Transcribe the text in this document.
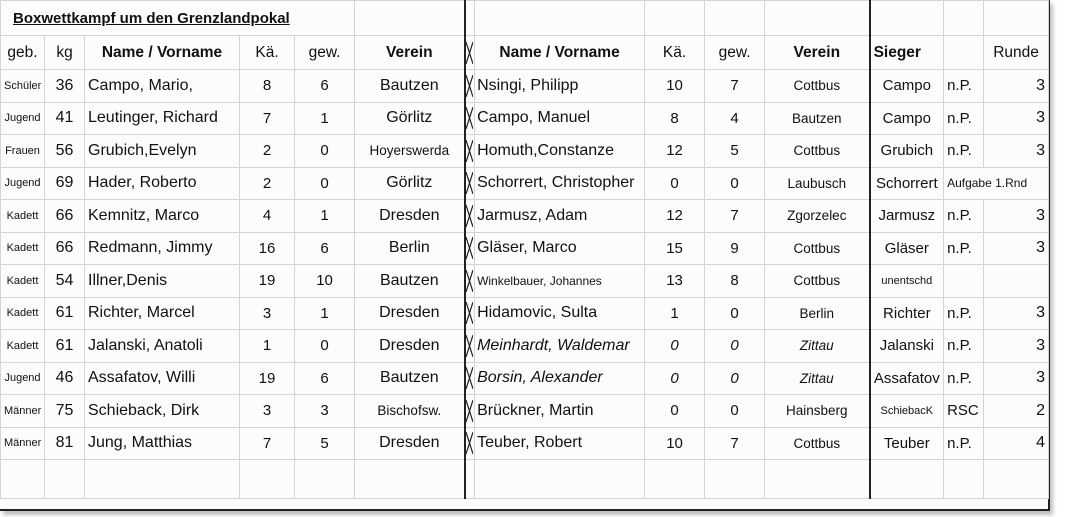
Boxwettkampf um den Grenzlandpokal													
geb.	kg	Name / Vorname	Kä.	gew.	Verein		Name / Vorname	Kä.	gew.	Verein	Sieger		Runde
Schüler	36	Campo, Mario,	8	6	Bautzen		Nsingi, Philipp	10	7	Cottbus	Campo	n.P.	3
Jugend	41	Leutinger, Richard	7	1	Görlitz		Campo, Manuel	8	4	Bautzen	Campo	n.P.	3
Frauen	56	Grubich,Evelyn	2	0	Hoyerswerda		Homuth,Constanze	12	5	Cottbus	Grubich	n.P.	3
Jugend	69	Hader, Roberto	2	0	Görlitz		Schorrert, Christopher	0	0	Laubusch	Schorrert	Aufgabe 1.Rnd	
Kadett	66	Kemnitz, Marco	4	1	Dresden		Jarmusz, Adam	12	7	Zgorzelec	Jarmusz	n.P.	3
Kadett	66	Redmann, Jimmy	16	6	Berlin		Gläser, Marco	15	9	Cottbus	Gläser	n.P.	3
Kadett	54	Illner,Denis	19	10	Bautzen		Winkelbauer, Johannes	13	8	Cottbus	unentschd		
Kadett	61	Richter, Marcel	3	1	Dresden		Hidamovic, Sulta	1	0	Berlin	Richter	n.P.	3
Kadett	61	Jalanski, Anatoli	1	0	Dresden		Meinhardt, Waldemar	0	0	Zittau	Jalanski	n.P.	3
Jugend	46	Assafatov, Willi	19	6	Bautzen		Borsin, Alexander	0	0	Zittau	Assafatov	n.P.	3
Männer	75	Schieback, Dirk	3	3	Bischofsw.		Brückner, Martin	0	0	Hainsberg	SchiebacK	RSC	2
Männer	81	Jung, Matthias	7	5	Dresden		Teuber, Robert	10	7	Cottbus	Teuber	n.P.	4
